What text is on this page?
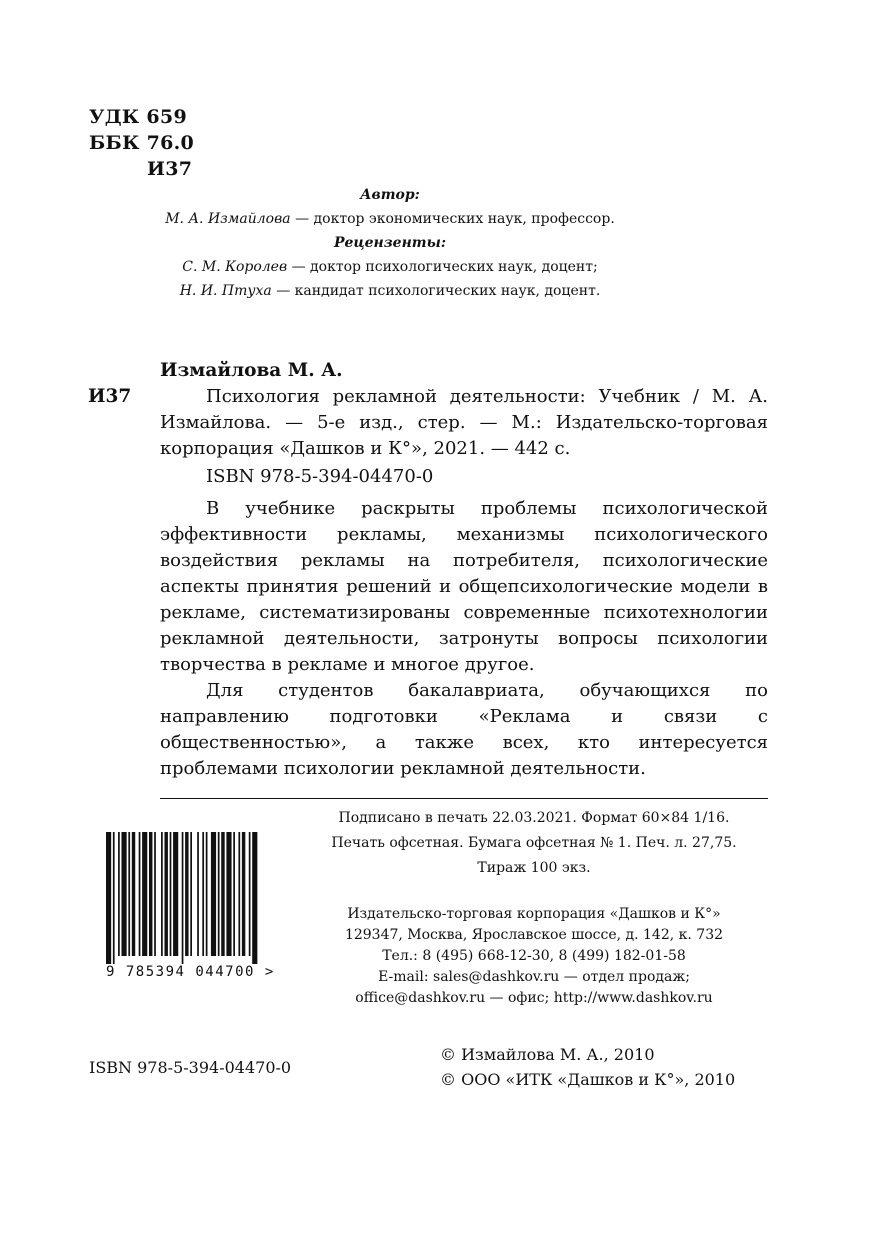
УДК 659
ББК 76.0
И37
Автор:
М. А. Измайлова — доктор экономических наук, профессор.
Рецензенты:
С. М. Королев — доктор психологических наук, доцент;
Н. И. Птуха — кандидат психологических наук, доцент.
Измайлова М. А.
И37	Психология рекламной деятельности: Учебник / М. А. Измайлова. — 5-е изд., стер. — М.: Издательско-торговая корпорация «Дашков и К°», 2021. — 442 с.

ISBN 978-5-394-04470-0

В учебнике раскрыты проблемы психологической эффективности рекламы, механизмы психологического воздействия рекламы на потребителя, психологические аспекты принятия решений и общепсихологические модели в рекламе, систематизированы современные психотехнологии рекламной деятельности, затронуты вопросы психологии творчества в рекламе и многое другое.

Для студентов бакалавриата, обучающихся по направлению подготовки «Реклама и связи с общественностью», а также всех, кто интересуется проблемами психологии рекламной деятельности.

Подписано в печать 22.03.2021. Формат 60×84 1/16.
Печать офсетная. Бумага офсетная № 1. Печ. л. 27,75.
Тираж 100 экз.
9 785394 044700 >
Издательско-торговая корпорация «Дашков и К°»
129347, Москва, Ярославское шоссе, д. 142, к. 732
Тел.: 8 (495) 668-12-30, 8 (499) 182-01-58
E-mail: sales@dashkov.ru — отдел продаж;
office@dashkov.ru — офис; http://www.dashkov.ru
ISBN 978-5-394-04470-0
© Измайлова М. А., 2010
© ООО «ИТК «Дашков и К°», 2010
